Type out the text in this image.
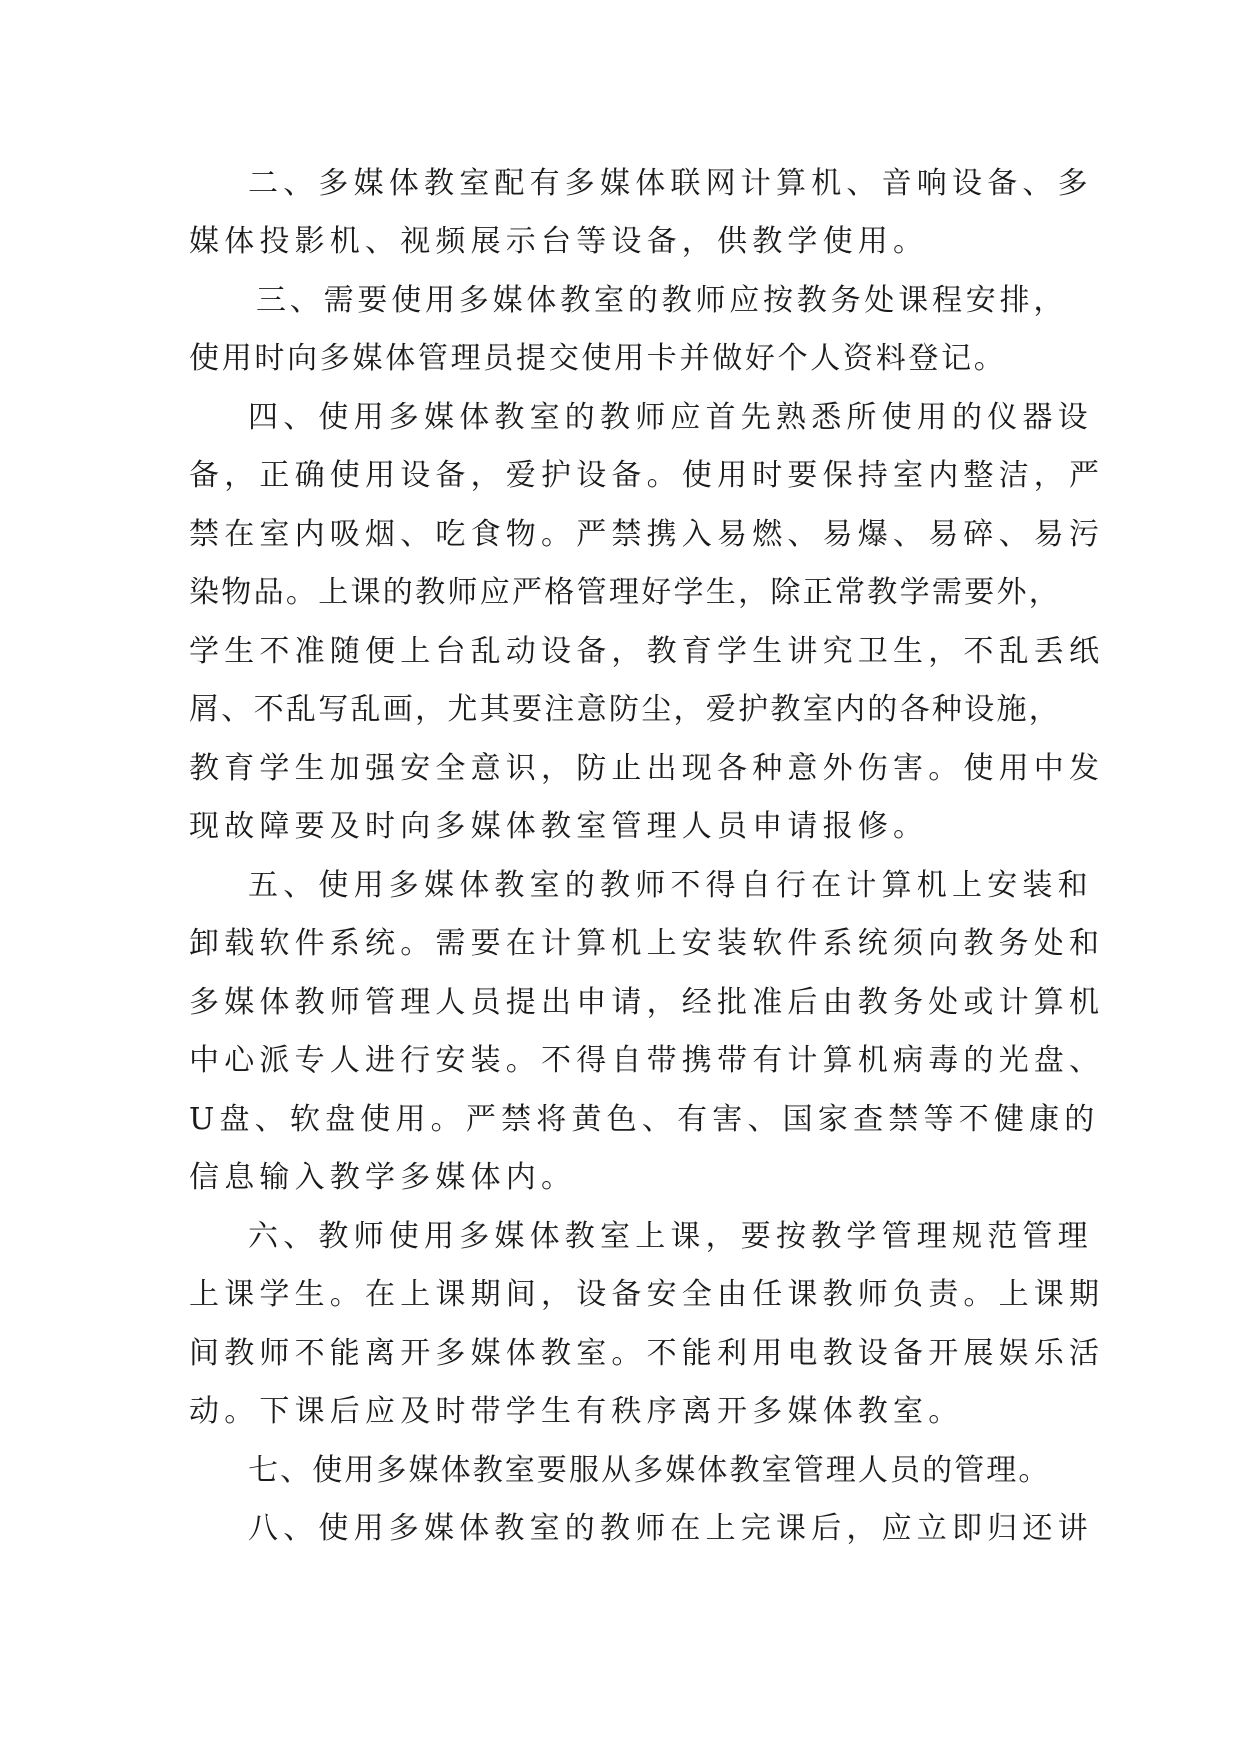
二、多媒体教室配有多媒体联网计算机、音响设备、多
媒体投影机、视频展示台等设备，供教学使用。
三、需要使用多媒体教室的教师应按教务处课程安排，
使用时向多媒体管理员提交使用卡并做好个人资料登记。
四、使用多媒体教室的教师应首先熟悉所使用的仪器设
备，正确使用设备，爱护设备。使用时要保持室内整洁，严
禁在室内吸烟、吃食物。严禁携入易燃、易爆、易碎、易污
染物品。上课的教师应严格管理好学生，除正常教学需要外，
学生不准随便上台乱动设备，教育学生讲究卫生，不乱丢纸
屑、不乱写乱画，尤其要注意防尘，爱护教室内的各种设施，
教育学生加强安全意识，防止出现各种意外伤害。使用中发
现故障要及时向多媒体教室管理人员申请报修。
五、使用多媒体教室的教师不得自行在计算机上安装和
卸载软件系统。需要在计算机上安装软件系统须向教务处和
多媒体教师管理人员提出申请，经批准后由教务处或计算机
中心派专人进行安装。不得自带携带有计算机病毒的光盘、
U盘、软盘使用。严禁将黄色、有害、国家查禁等不健康的
信息输入教学多媒体内。
六、教师使用多媒体教室上课，要按教学管理规范管理
上课学生。在上课期间，设备安全由任课教师负责。上课期
间教师不能离开多媒体教室。不能利用电教设备开展娱乐活
动。下课后应及时带学生有秩序离开多媒体教室。
七、使用多媒体教室要服从多媒体教室管理人员的管理。
八、使用多媒体教室的教师在上完课后，应立即归还讲
